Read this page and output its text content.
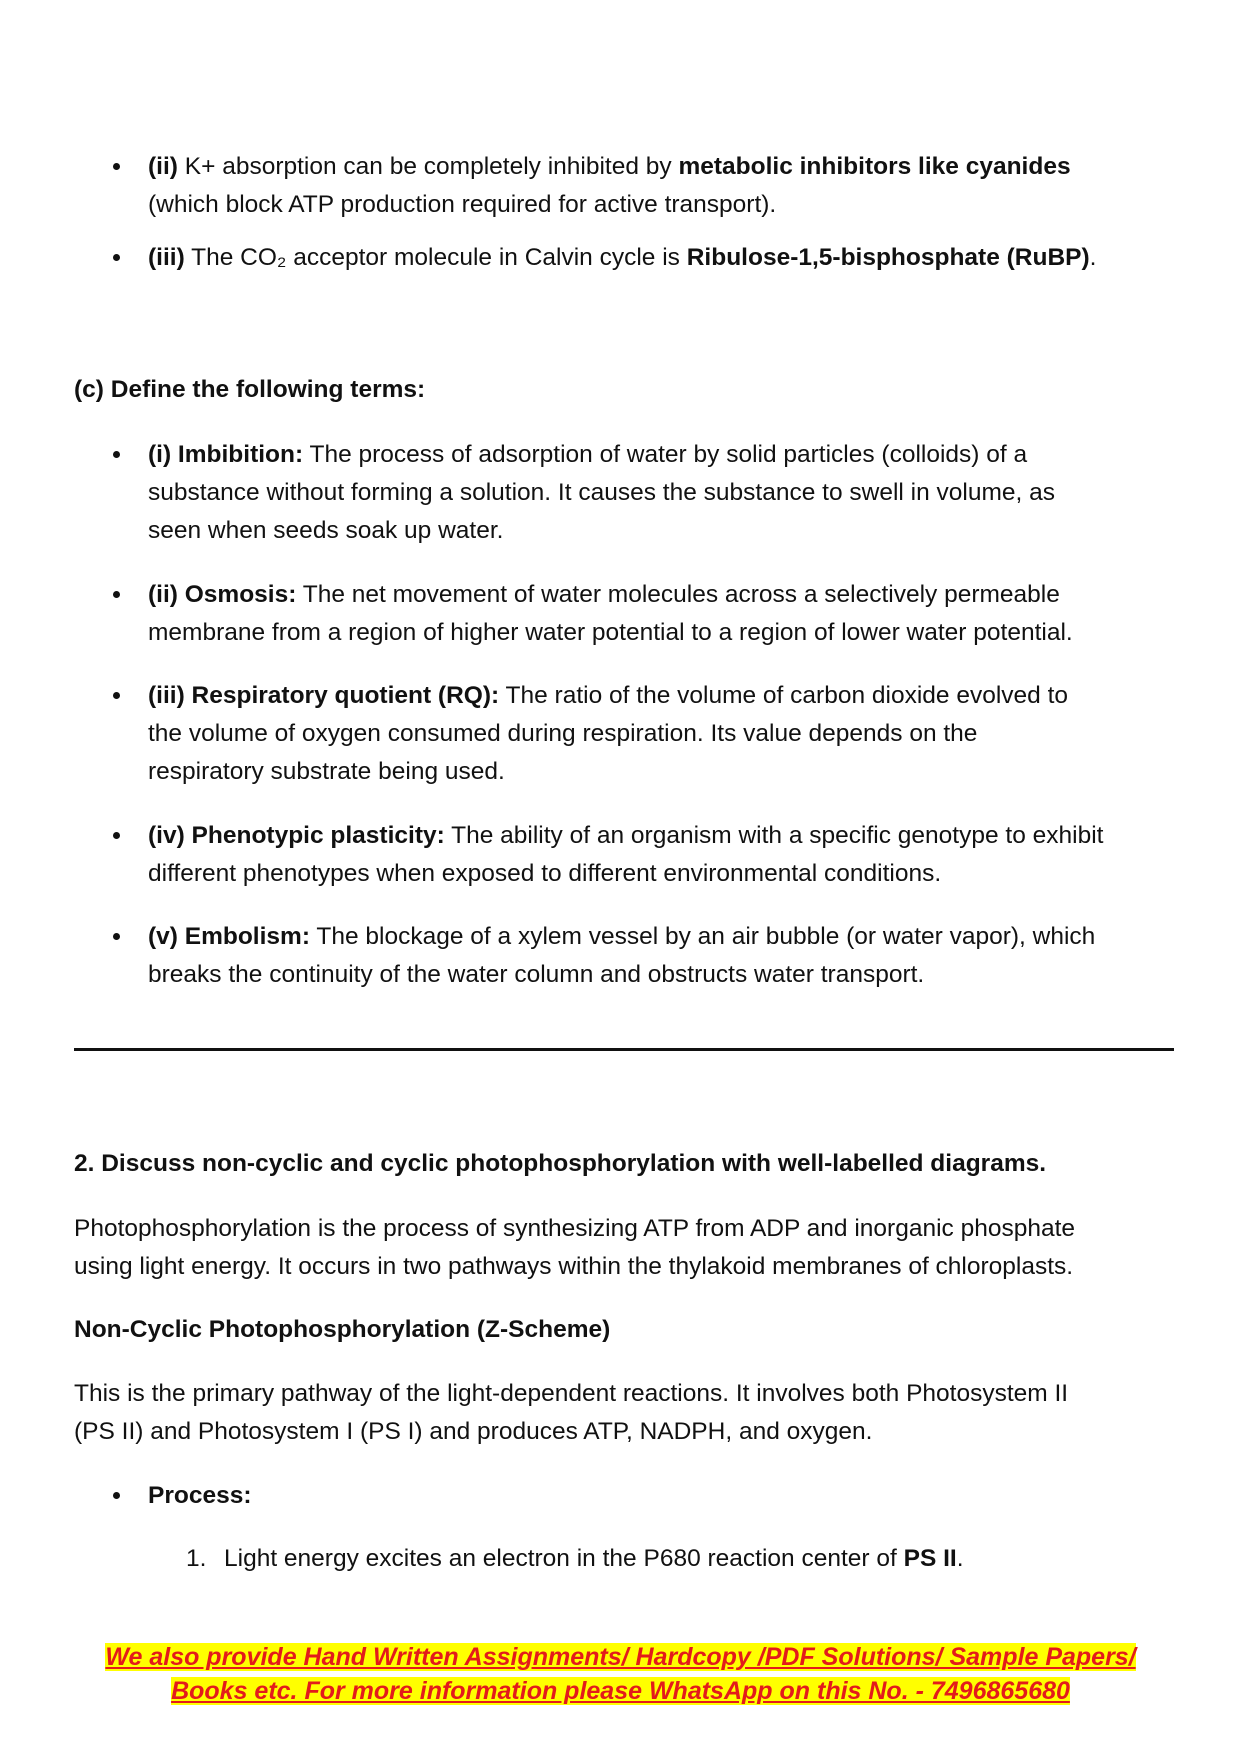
(ii) K+ absorption can be completely inhibited by metabolic inhibitors like cyanides
(which block ATP production required for active transport).
(iii) The CO₂ acceptor molecule in Calvin cycle is Ribulose-1,5-bisphosphate (RuBP).
(c) Define the following terms:
(i) Imbibition: The process of adsorption of water by solid particles (colloids) of a
substance without forming a solution. It causes the substance to swell in volume, as
seen when seeds soak up water.
(ii) Osmosis: The net movement of water molecules across a selectively permeable
membrane from a region of higher water potential to a region of lower water potential.
(iii) Respiratory quotient (RQ): The ratio of the volume of carbon dioxide evolved to
the volume of oxygen consumed during respiration. Its value depends on the
respiratory substrate being used.
(iv) Phenotypic plasticity: The ability of an organism with a specific genotype to exhibit
different phenotypes when exposed to different environmental conditions.
(v) Embolism: The blockage of a xylem vessel by an air bubble (or water vapor), which
breaks the continuity of the water column and obstructs water transport.
2. Discuss non-cyclic and cyclic photophosphorylation with well-labelled diagrams.
Photophosphorylation is the process of synthesizing ATP from ADP and inorganic phosphate
using light energy. It occurs in two pathways within the thylakoid membranes of chloroplasts.
Non-Cyclic Photophosphorylation (Z-Scheme)
This is the primary pathway of the light-dependent reactions. It involves both Photosystem II
(PS II) and Photosystem I (PS I) and produces ATP, NADPH, and oxygen.
Process:
1. Light energy excites an electron in the P680 reaction center of PS II.
We also provide Hand Written Assignments/ Hardcopy /PDF Solutions/ Sample Papers/
Books etc. For more information please WhatsApp on this No. - 7496865680
